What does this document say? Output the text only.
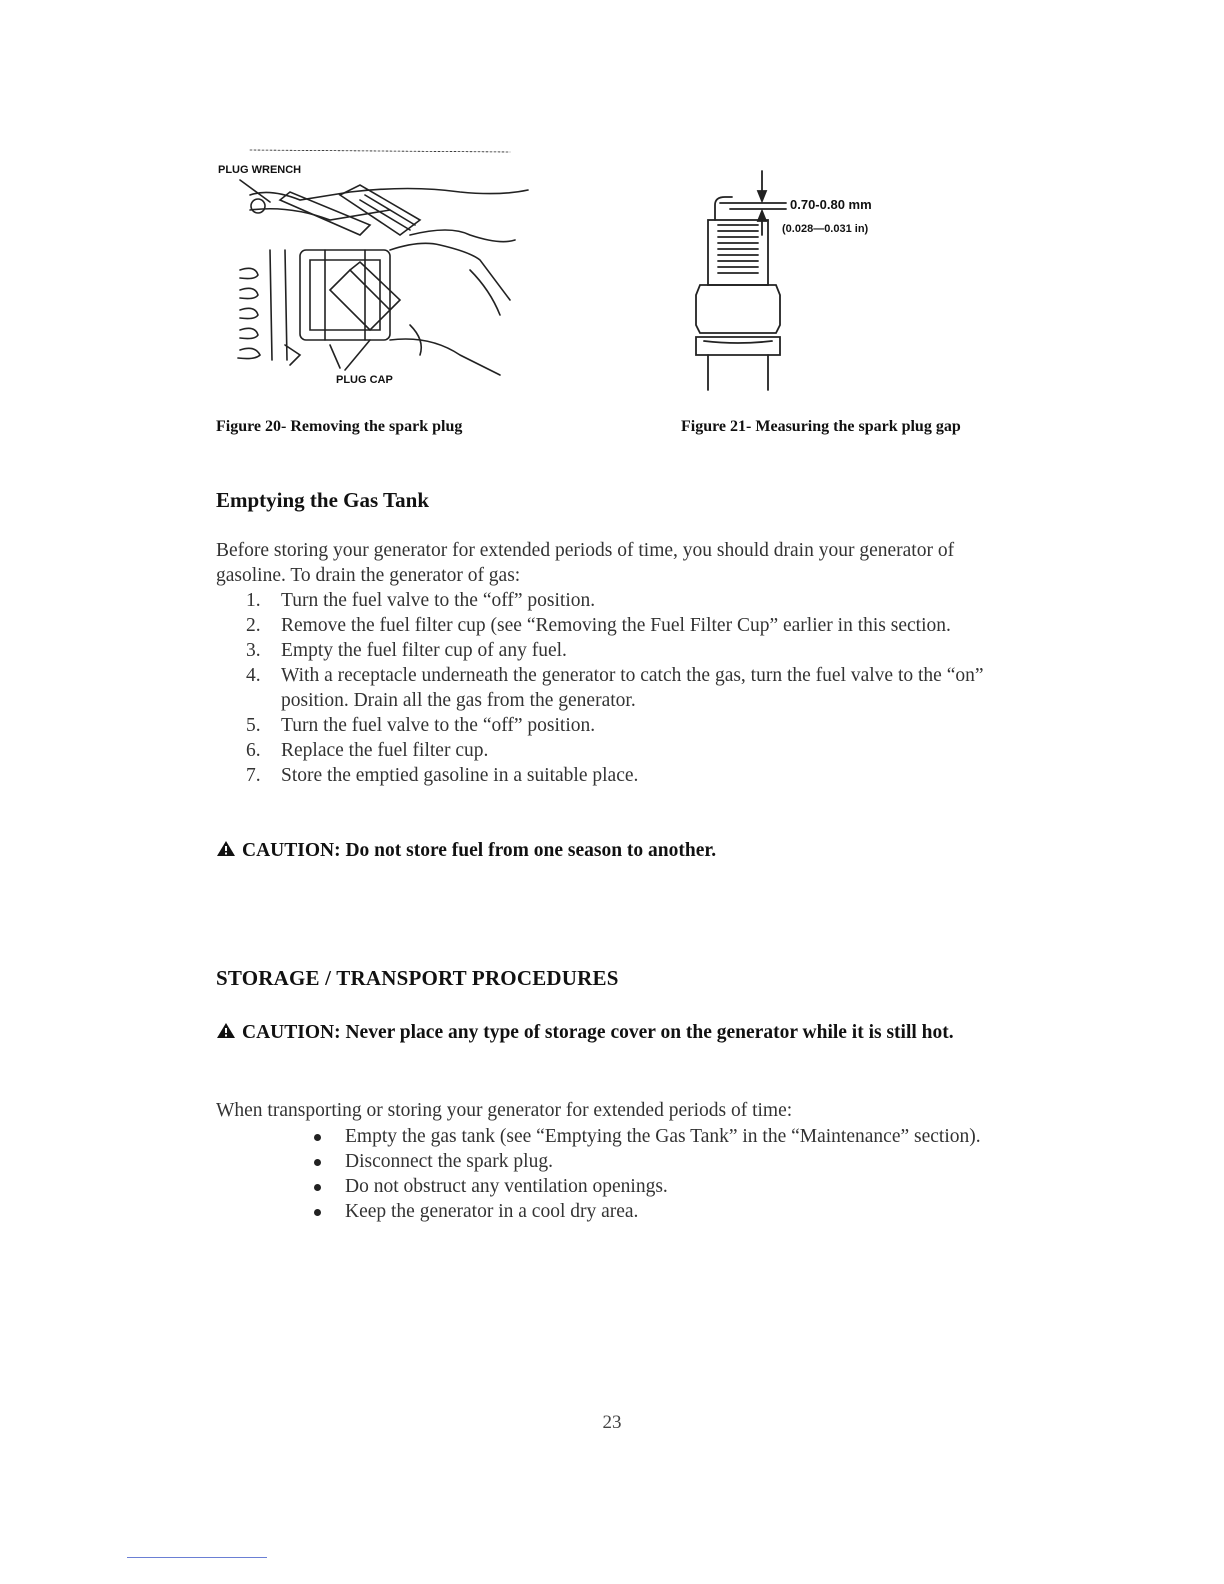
PLUG WRENCH
PLUG CAP
0.70-0.80 mm
(0.028—0.031 in)
Figure 20- Removing the spark plug	Figure 21- Measuring the spark plug gap
Emptying the Gas Tank

Before storing your generator for extended periods of time, you should drain your generator of gasoline. To drain the generator of gas:

1. Turn the fuel valve to the “off” position.
2. Remove the fuel filter cup (see “Removing the Fuel Filter Cup” earlier in this section.
3. Empty the fuel filter cup of any fuel.
4. With a receptacle underneath the generator to catch the gas, turn the fuel valve to the “on” position. Drain all the gas from the generator.
5. Turn the fuel valve to the “off” position.
6. Replace the fuel filter cup.
7. Store the emptied gasoline in a suitable place.

CAUTION: Do not store fuel from one season to another.

STORAGE / TRANSPORT PROCEDURES

CAUTION: Never place any type of storage cover on the generator while it is still hot.

When transporting or storing your generator for extended periods of time:

Empty the gas tank (see “Emptying the Gas Tank” in the “Maintenance” section).
Disconnect the spark plug.
Do not obstruct any ventilation openings.
Keep the generator in a cool dry area.
23
